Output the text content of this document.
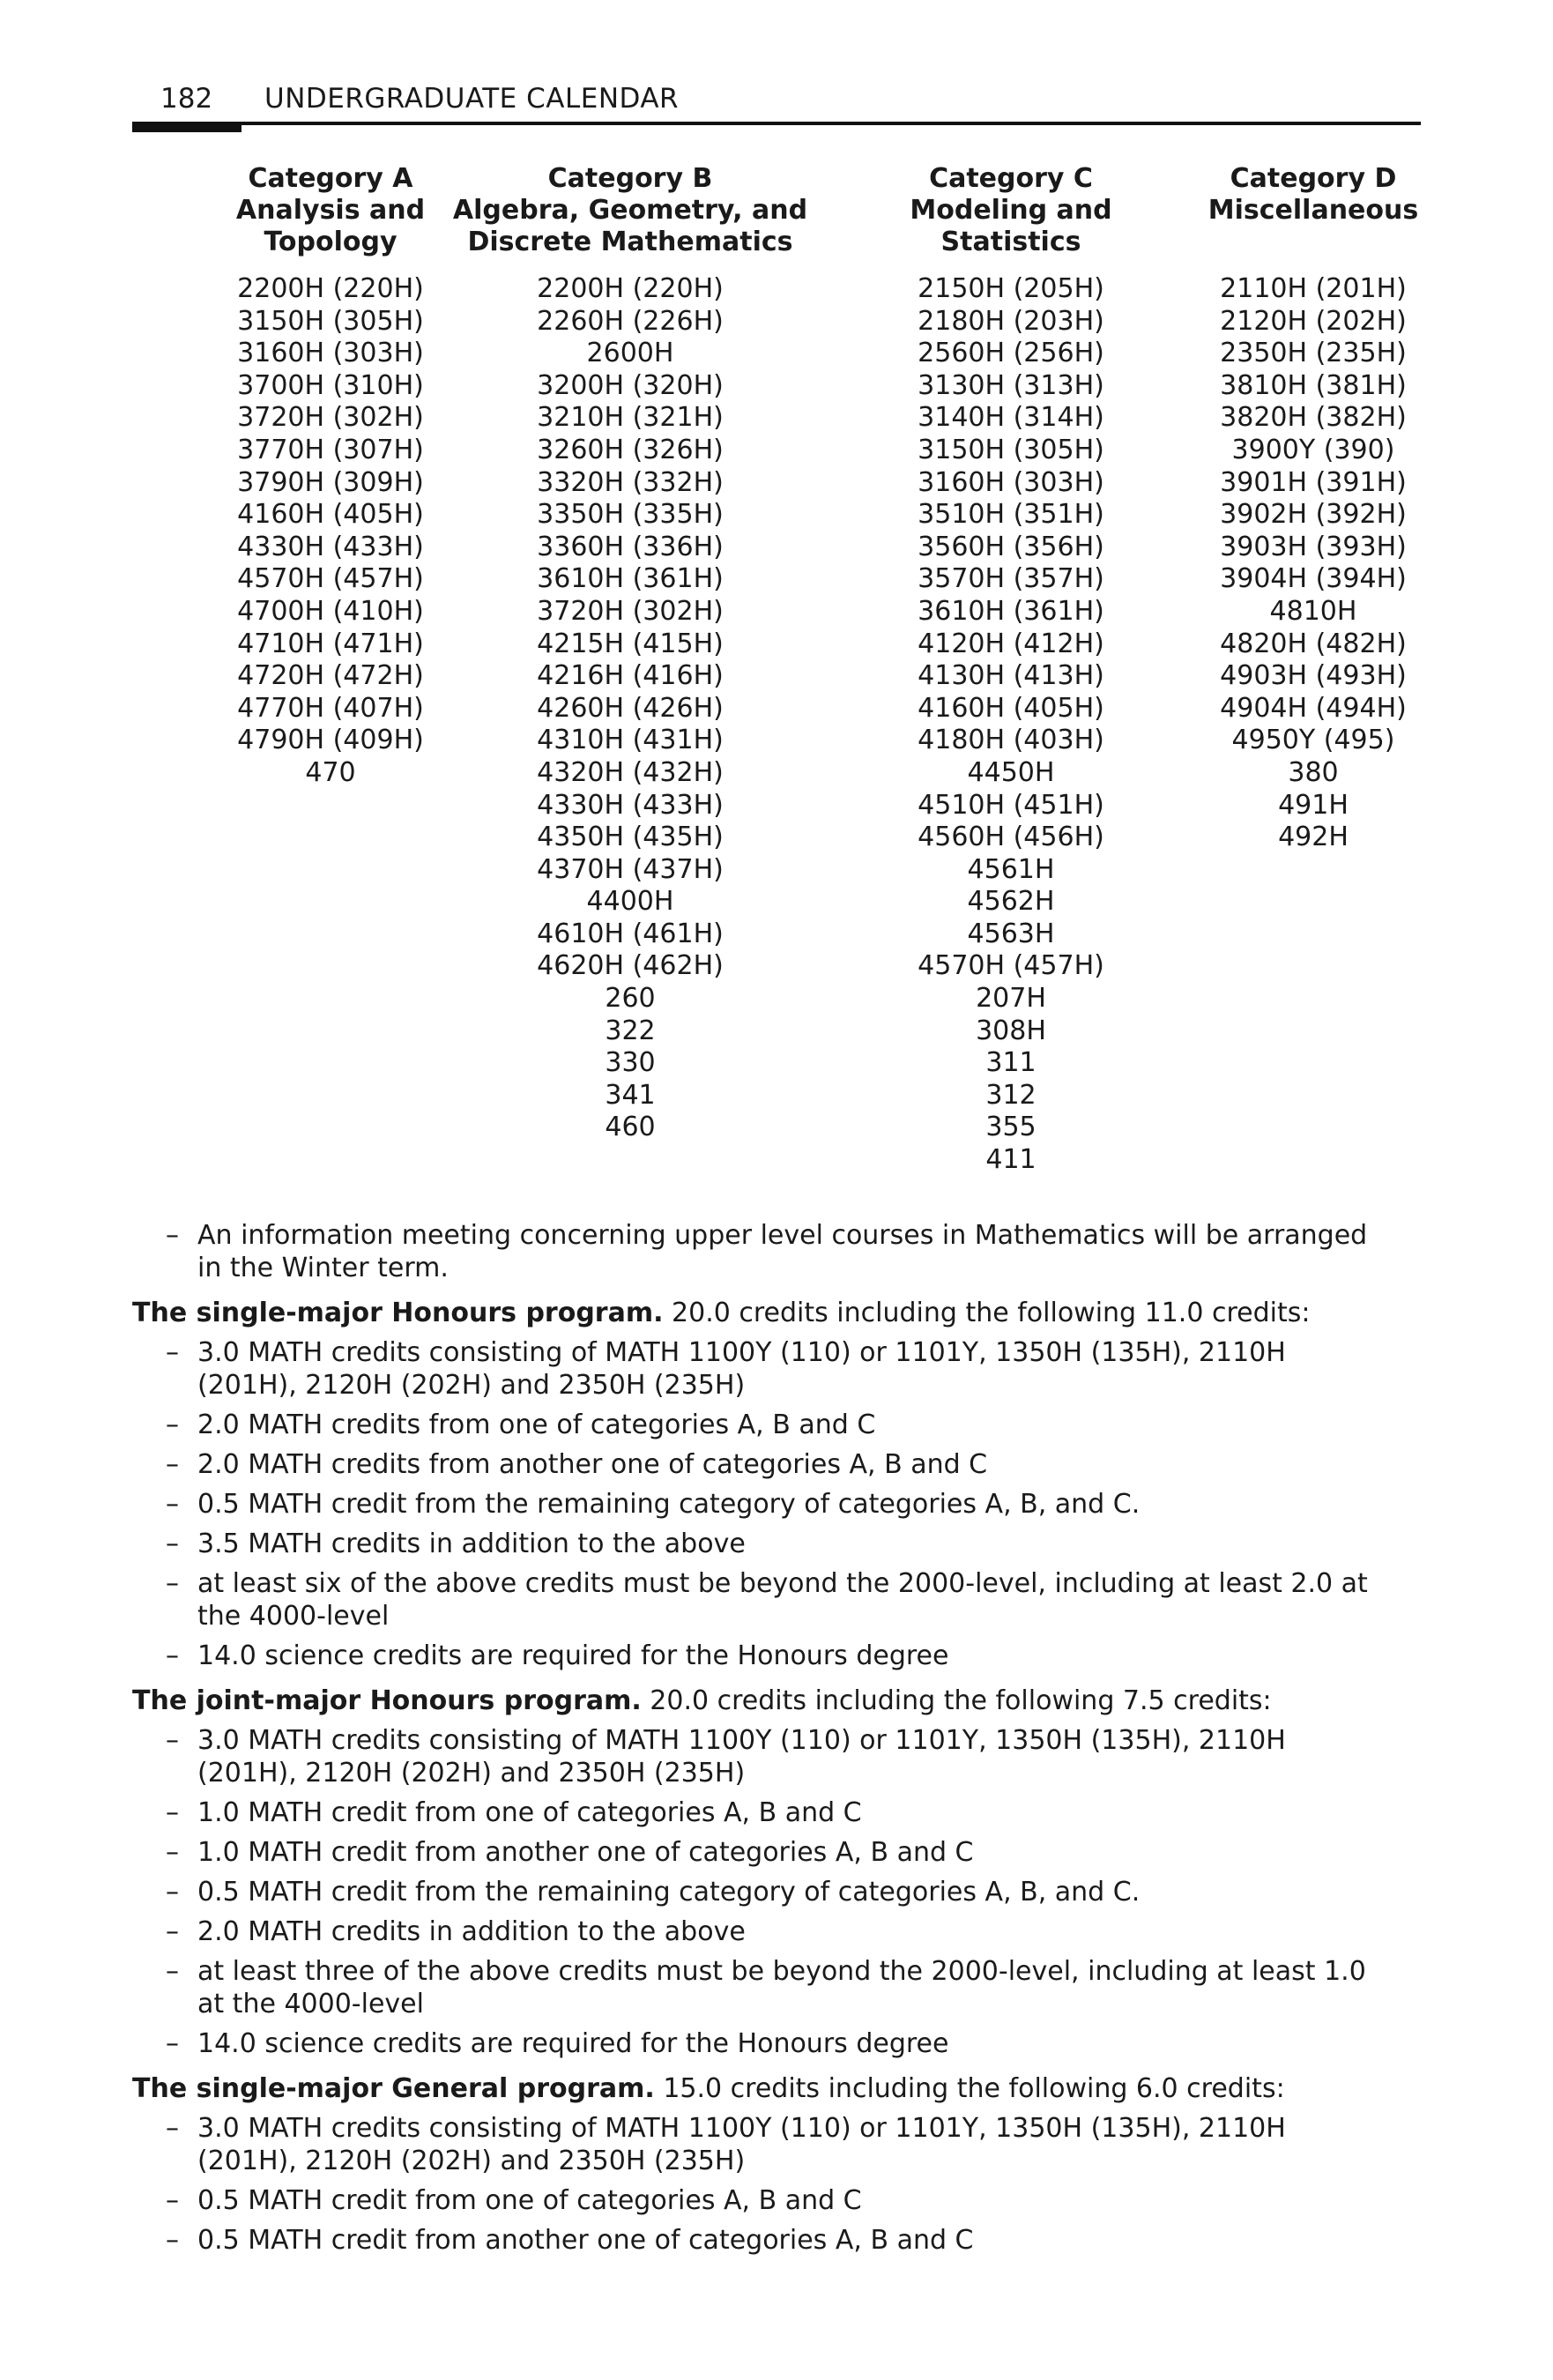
182 UNDERGRADUATE CALENDAR
Category A
Analysis and
Topology
2200H (220H)
3150H (305H)
3160H (303H)
3700H (310H)
3720H (302H)
3770H (307H)
3790H (309H)
4160H (405H)
4330H (433H)
4570H (457H)
4700H (410H)
4710H (471H)
4720H (472H)
4770H (407H)
4790H (409H)
470
Category B
Algebra, Geometry, and
Discrete Mathematics
2200H (220H)
2260H (226H)
2600H
3200H (320H)
3210H (321H)
3260H (326H)
3320H (332H)
3350H (335H)
3360H (336H)
3610H (361H)
3720H (302H)
4215H (415H)
4216H (416H)
4260H (426H)
4310H (431H)
4320H (432H)
4330H (433H)
4350H (435H)
4370H (437H)
4400H
4610H (461H)
4620H (462H)
260
322
330
341
460
Category C
Modeling and
Statistics
2150H (205H)
2180H (203H)
2560H (256H)
3130H (313H)
3140H (314H)
3150H (305H)
3160H (303H)
3510H (351H)
3560H (356H)
3570H (357H)
3610H (361H)
4120H (412H)
4130H (413H)
4160H (405H)
4180H (403H)
4450H
4510H (451H)
4560H (456H)
4561H
4562H
4563H
4570H (457H)
207H
308H
311
312
355
411
Category D
Miscellaneous
2110H (201H)
2120H (202H)
2350H (235H)
3810H (381H)
3820H (382H)
3900Y (390)
3901H (391H)
3902H (392H)
3903H (393H)
3904H (394H)
4810H
4820H (482H)
4903H (493H)
4904H (494H)
4950Y (495)
380
491H
492H
– An information meeting concerning upper level courses in Mathematics will be arranged in the Winter term.
The single-major Honours program. 20.0 credits including the following 11.0 credits:
– 3.0 MATH credits consisting of MATH 1100Y (110) or 1101Y, 1350H (135H), 2110H (201H), 2120H (202H) and 2350H (235H)
– 2.0 MATH credits from one of categories A, B and C
– 2.0 MATH credits from another one of categories A, B and C
– 0.5 MATH credit from the remaining category of categories A, B, and C.
– 3.5 MATH credits in addition to the above
– at least six of the above credits must be beyond the 2000-level, including at least 2.0 at the 4000-level
– 14.0 science credits are required for the Honours degree
The joint-major Honours program. 20.0 credits including the following 7.5 credits:
– 3.0 MATH credits consisting of MATH 1100Y (110) or 1101Y, 1350H (135H), 2110H (201H), 2120H (202H) and 2350H (235H)
– 1.0 MATH credit from one of categories A, B and C
– 1.0 MATH credit from another one of categories A, B and C
– 0.5 MATH credit from the remaining category of categories A, B, and C.
– 2.0 MATH credits in addition to the above
– at least three of the above credits must be beyond the 2000-level, including at least 1.0 at the 4000-level
– 14.0 science credits are required for the Honours degree
The single-major General program. 15.0 credits including the following 6.0 credits:
– 3.0 MATH credits consisting of MATH 1100Y (110) or 1101Y, 1350H (135H), 2110H (201H), 2120H (202H) and 2350H (235H)
– 0.5 MATH credit from one of categories A, B and C
– 0.5 MATH credit from another one of categories A, B and C
